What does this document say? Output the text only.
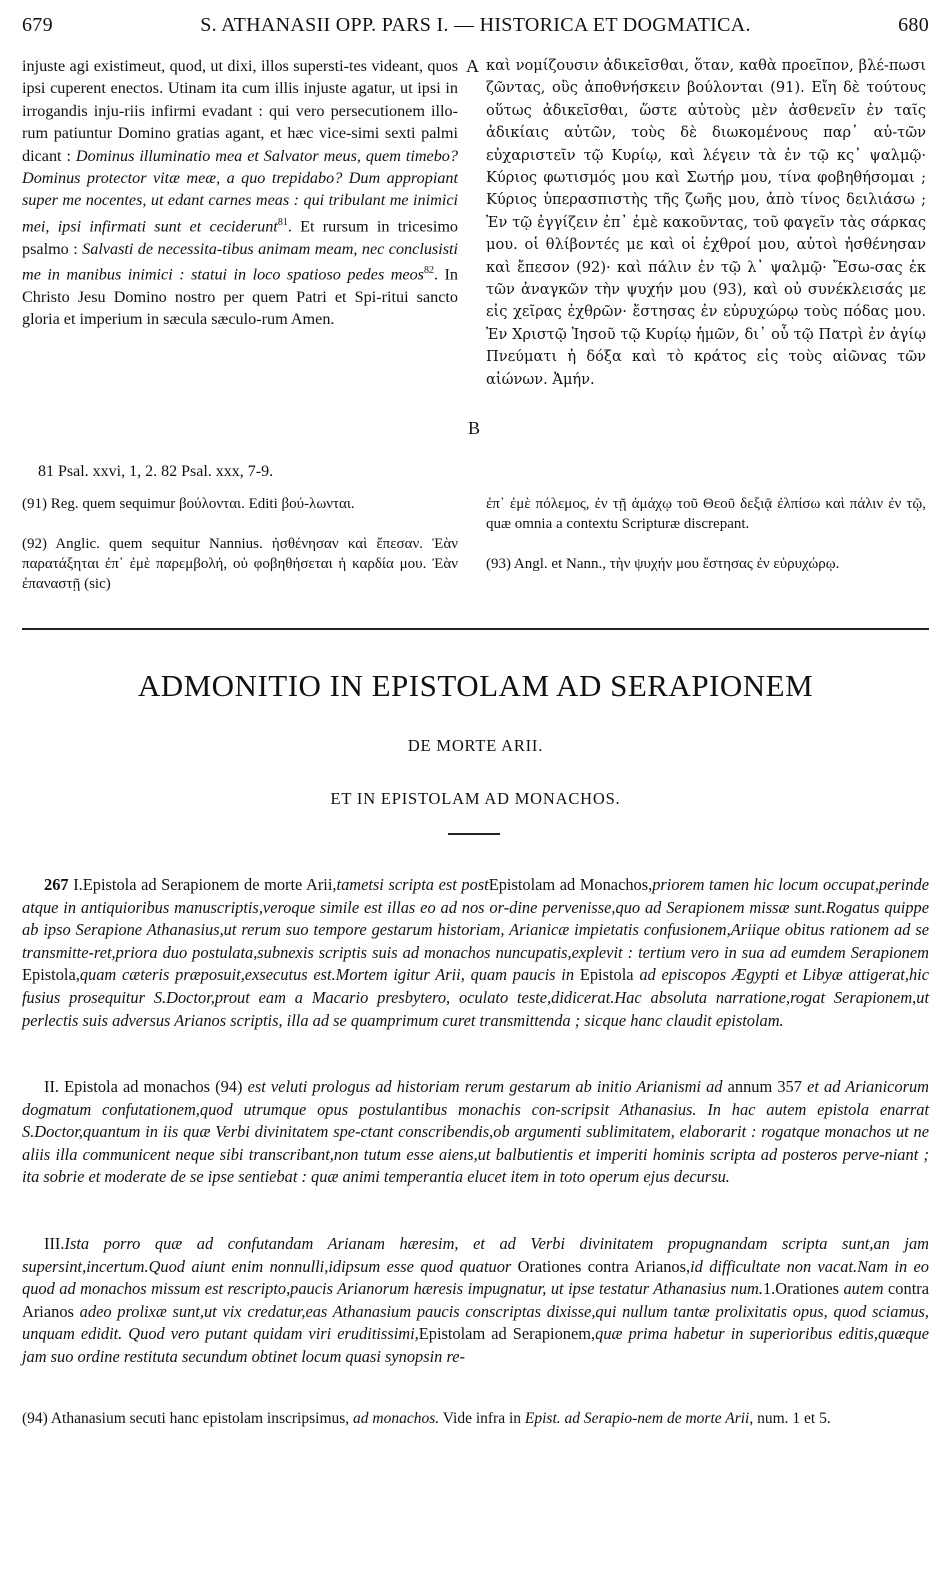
679	S. ATHANASII OPP. PARS I. — HISTORICA ET DOGMATICA.	680
injuste agi existimeut, quod, ut dixi, illos supersti-tes videant, quos ipsi cuperent enectos. Utinam ita cum illis injuste agatur, ut ipsi in irrogandis inju-riis infirmi evadant : qui vero persecutionem illo-rum patiuntur Domino gratias agant, et hæc vice-simi sexti palmi dicant : Dominus illuminatio mea et Salvator meus, quem timebo? Dominus protector vitæ meæ, a quo trepidabo? Dum appropiant super me nocentes, ut edant carnes meas : qui tribulant me inimici mei, ipsi infirmati sunt et ceciderunt$^{81}$. Et rursum in tricesimo psalmo : Salvasti de necessita-tibus animam meam, nec conclusisti me in manibus inimici : statui in loco spatioso pedes meos$^{82}$. In Christo Jesu Domino nostro per quem Patri et Spi-ritui sancto gloria et imperium in sæcula sæculo-rum Amen.
A
B
καὶ νομίζουσιν ἀδικεῖσθαι, ὅταν, καθὰ προεῖπον, βλέ-πωσι ζῶντας, οὓς ἀποθνήσκειν βούλονται (91). Εἴη δὲ τούτους οὕτως ἀδικεῖσθαι, ὥστε αὐτοὺς μὲν ἀσθενεῖν ἐν ταῖς ἀδικίαις αὐτῶν, τοὺς δὲ διωκομένους παρ᾽ αὐ-τῶν εὐχαριστεῖν τῷ Κυρίῳ, καὶ λέγειν τὰ ἐν τῷ κς᾽ ψαλμῷ· Κύριος φωτισμός μου καὶ Σωτήρ μου, τίνα φοβηθήσομαι ; Κύριος ὑπερασπιστὴς τῆς ζωῆς μου, ἀπὸ τίνος δειλιάσω ; Ἐν τῷ ἐγγίζειν ἐπ᾽ ἐμὲ κακοῦντας, τοῦ φαγεῖν τὰς σάρκας μου. οἱ θλίβοντές με καὶ οἱ ἐχθροί μου, αὐτοὶ ἠσθένησαν καὶ ἔπεσον (92)· καὶ πάλιν ἐν τῷ λ᾽ ψαλμῷ· Ἔσω-σας ἐκ τῶν ἀναγκῶν τὴν ψυχήν μου (93), καὶ οὐ συνέκλεισάς με εἰς χεῖρας ἐχθρῶν· ἔστησας ἐν εὐρυχώρῳ τοὺς πόδας μου. Ἐν Χριστῷ Ἰησοῦ τῷ Κυρίῳ ἡμῶν, δι᾽ οὗ τῷ Πατρὶ ἐν ἁγίῳ Πνεύματι ἡ δόξα καὶ τὸ κράτος εἰς τοὺς αἰῶνας τῶν αἰώνων. Ἀμήν.
81 Psal. xxvi, 1, 2. 82 Psal. xxx, 7-9.
(91) Reg. quem sequimur βούλονται. Editi βού-λωνται.
(92) Anglic. quem sequitur Nannius. ἠσθένησαν καὶ ἔπεσαν. Ἐὰν παρατάξηται ἐπ᾽ ἐμὲ παρεμβολή, οὐ φοβηθήσεται ἡ καρδία μου. Ἐὰν ἐπαναστῇ (sic)
ἐπ᾽ ἐμὲ πόλεμος, ἐν τῇ ἀμάχῳ τοῦ Θεοῦ δεξιᾷ ἐλπίσω καὶ πάλιν ἐν τῷ, quæ omnia a contextu Scripturæ discrepant.
(93) Angl. et Nann., τὴν ψυχήν μου ἔστησας ἐν εὐρυχώρῳ.
ADMONITIO IN EPISTOLAM AD SERAPIONEM
DE MORTE ARII.
ET IN EPISTOLAM AD MONACHOS.

267 I.Epistola ad Serapionem de morte Arii,tametsi scripta est postEpistolam ad Monachos,priorem tamen hic locum occupat,perinde atque in antiquioribus manuscriptis,veroque simile est illas eo ad nos or-dine pervenisse,quo ad Serapionem missæ sunt.Rogatus quippe ab ipso Serapione Athanasius,ut rerum suo tempore gestarum historiam, Arianicæ impietatis confusionem,Ariique obitus rationem ad se transmitte-ret,priora duo postulata,subnexis scriptis suis ad monachos nuncupatis,explevit : tertium vero in sua ad eumdem Serapionem Epistola,quam cæteris præposuit,exsecutus est.Mortem igitur Arii, quam paucis in Epistola ad episcopos Ægypti et Libyæ attigerat,hic fusius prosequitur S.Doctor,prout eam a Macario presbytero, oculato teste,didicerat.Hac absoluta narratione,rogat Serapionem,ut perlectis suis adversus Arianos scriptis, illa ad se quamprimum curet transmittenda ; sicque hanc claudit epistolam.

II. Epistola ad monachos (94) est veluti prologus ad historiam rerum gestarum ab initio Arianismi ad annum 357 et ad Arianicorum dogmatum confutationem,quod utrumque opus postulantibus monachis con-scripsit Athanasius. In hac autem epistola enarrat S.Doctor,quantum in iis quæ Verbi divinitatem spe-ctant conscribendis,ob argumenti sublimitatem, elaborarit : rogatque monachos ut ne aliis illa communicent neque sibi transcribant,non tutum esse aiens,ut balbutientis et imperiti hominis scripta ad posteros perve-niant ; ita sobrie et moderate de se ipse sentiebat : quæ animi temperantia elucet item in toto operum ejus decursu.

III.Ista porro quæ ad confutandam Arianam hæresim, et ad Verbi divinitatem propugnandam scripta sunt,an jam supersint,incertum.Quod aiunt enim nonnulli,idipsum esse quod quatuor Orationes contra Arianos,id difficultate non vacat.Nam in eo quod ad monachos missum est rescripto,paucis Arianorum hæresis impugnatur, ut ipse testatur Athanasius num.1.Orationes autem contra Arianos adeo prolixæ sunt,ut vix credatur,eas Athanasium paucis conscriptas dixisse,qui nullum tantæ prolixitatis opus, quod sciamus, unquam edidit. Quod vero putant quidam viri eruditissimi,Epistolam ad Serapionem,quæ prima habetur in superioribus editis,quæque jam suo ordine restituta secundum obtinet locum quasi synopsin re-

(94) Athanasium secuti hanc epistolam inscripsimus, ad monachos. Vide infra in Epist. ad Serapio-nem de morte Arii, num. 1 et 5.
